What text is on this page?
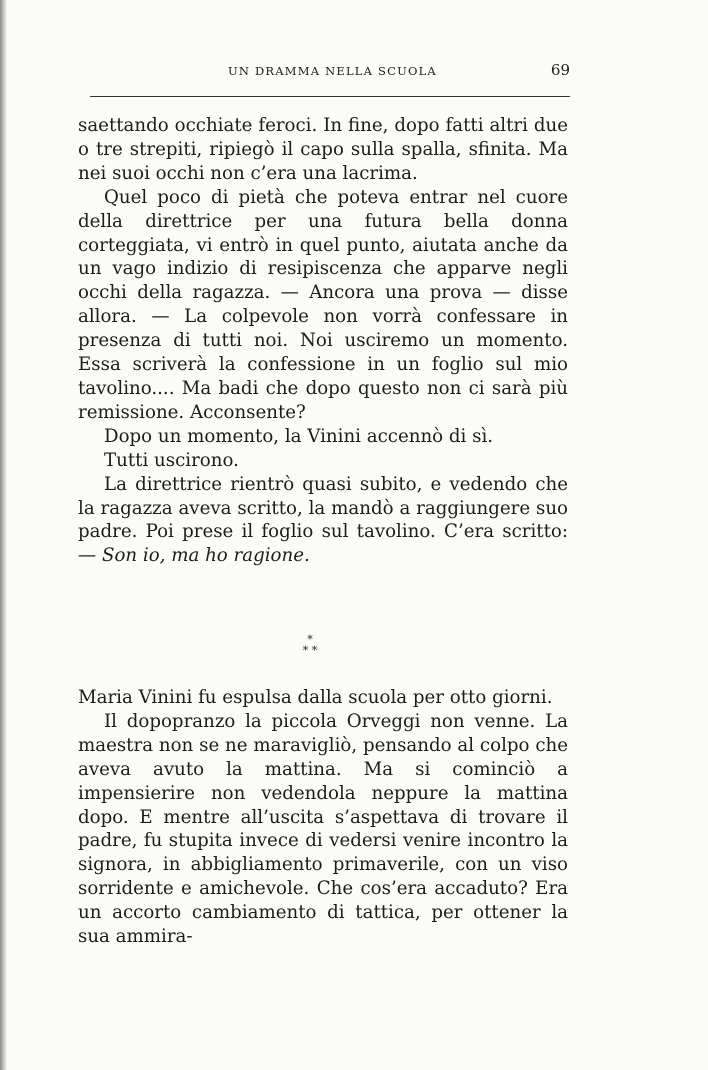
UN DRAMMA NELLA SCUOLA	69

saettando occhiate feroci. In fine, dopo fatti altri due o tre strepiti, ripiegò il capo sulla spalla, sfinita. Ma nei suoi occhi non c’era una lacrima.

Quel poco di pietà che poteva entrar nel cuore della direttrice per una futura bella donna corteggiata, vi entrò in quel punto, aiutata anche da un vago indizio di resipiscenza che apparve negli occhi della ragazza. — Ancora una prova — disse allora. — La colpevole non vorrà confessare in presenza di tutti noi. Noi usciremo un momento. Essa scriverà la confessione in un foglio sul mio tavolino.... Ma badi che dopo questo non ci sarà più remissione. Acconsente?

Dopo un momento, la Vinini accennò di sì.

Tutti uscirono.

La direttrice rientrò quasi subito, e vedendo che la ragazza aveva scritto, la mandò a raggiungere suo padre. Poi prese il foglio sul tavolino. C’era scritto: — Son io, ma ho ragione.

*
* *

Maria Vinini fu espulsa dalla scuola per otto giorni.

Il dopopranzo la piccola Orveggi non venne. La maestra non se ne maravigliò, pensando al colpo che aveva avuto la mattina. Ma si cominciò a impensierire non vedendola neppure la mattina dopo. E mentre all’uscita s’aspettava di trovare il padre, fu stupita invece di vedersi venire incontro la signora, in abbigliamento primaverile, con un viso sorridente e amichevole. Che cos’era accaduto? Era un accorto cambiamento di tattica, per ottener la sua ammira-
